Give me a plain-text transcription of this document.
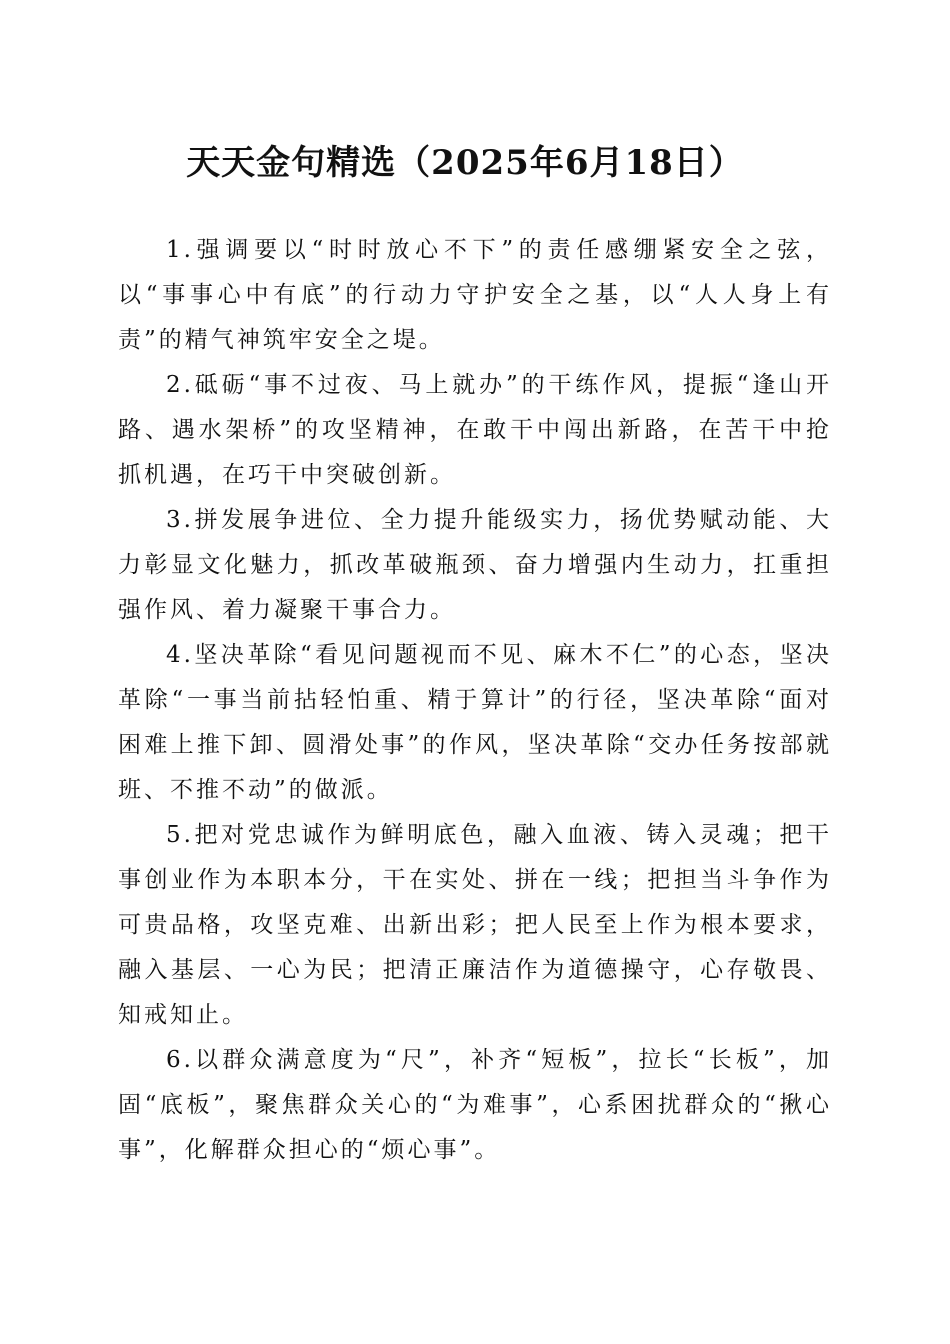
天天金句精选（2025年6月18日）

1.强调要以“时时放心不下”的责任感绷紧安全之弦，以“事事心中有底”的行动力守护安全之基，以“人人身上有责”的精气神筑牢安全之堤。

2.砥砺“事不过夜、马上就办”的干练作风，提振“逢山开路、遇水架桥”的攻坚精神，在敢干中闯出新路，在苦干中抢抓机遇，在巧干中突破创新。

3.拼发展争进位、全力提升能级实力，扬优势赋动能、大力彰显文化魅力，抓改革破瓶颈、奋力增强内生动力，扛重担强作风、着力凝聚干事合力。

4.坚决革除“看见问题视而不见、麻木不仁”的心态，坚决革除“一事当前拈轻怕重、精于算计”的行径，坚决革除“面对困难上推下卸、圆滑处事”的作风，坚决革除“交办任务按部就班、不推不动”的做派。

5.把对党忠诚作为鲜明底色，融入血液、铸入灵魂；把干事创业作为本职本分，干在实处、拼在一线；把担当斗争作为可贵品格，攻坚克难、出新出彩；把人民至上作为根本要求，融入基层、一心为民；把清正廉洁作为道德操守，心存敬畏、知戒知止。

6.以群众满意度为“尺”，补齐“短板”，拉长“长板”，加固“底板”，聚焦群众关心的“为难事”，心系困扰群众的“揪心事”，化解群众担心的“烦心事”。
